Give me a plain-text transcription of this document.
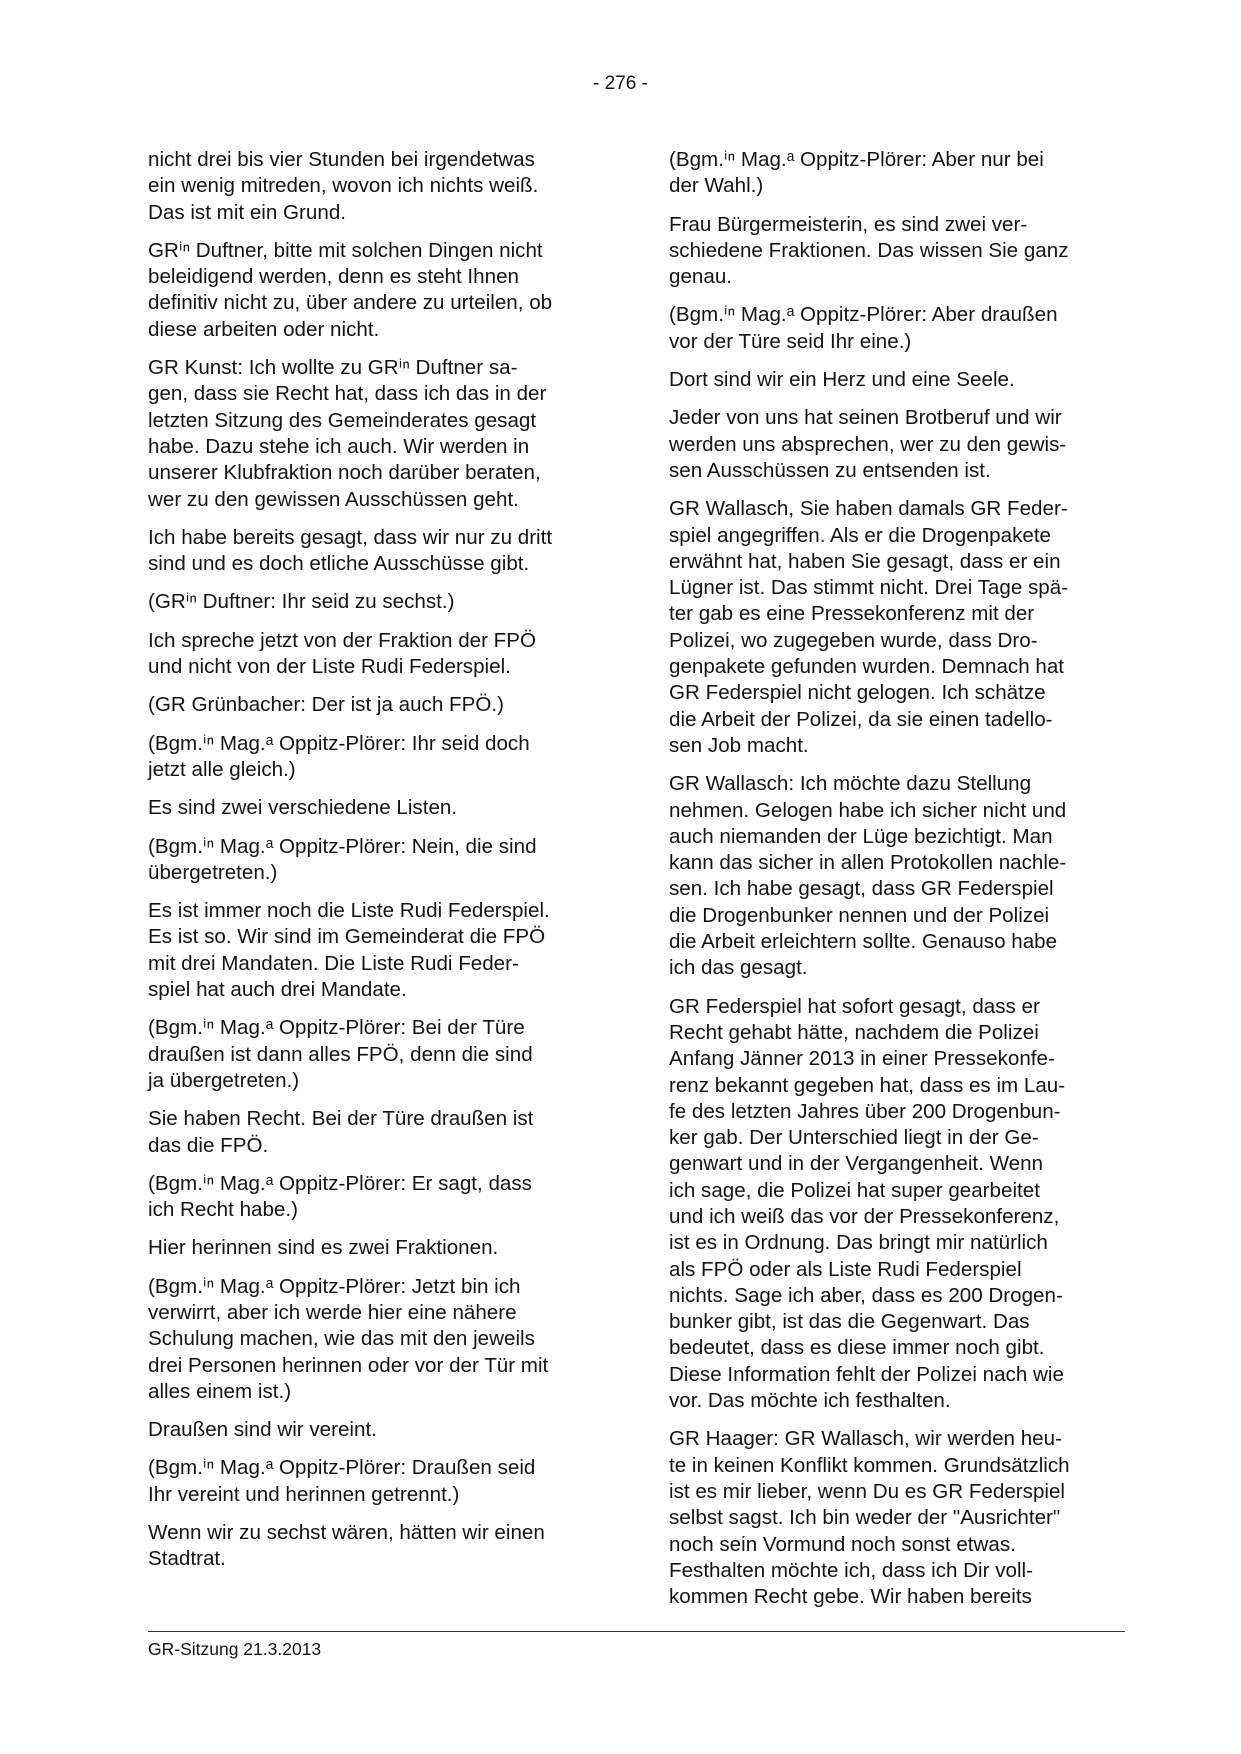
- 276 -

nicht drei bis vier Stunden bei irgendetwas
ein wenig mitreden, wovon ich nichts weiß.
Das ist mit ein Grund.

GRⁱⁿ Duftner, bitte mit solchen Dingen nicht
beleidigend werden, denn es steht Ihnen
definitiv nicht zu, über andere zu urteilen, ob
diese arbeiten oder nicht.

GR Kunst: Ich wollte zu GRⁱⁿ Duftner sa-
gen, dass sie Recht hat, dass ich das in der
letzten Sitzung des Gemeinderates gesagt
habe. Dazu stehe ich auch. Wir werden in
unserer Klubfraktion noch darüber beraten,
wer zu den gewissen Ausschüssen geht.

Ich habe bereits gesagt, dass wir nur zu dritt
sind und es doch etliche Ausschüsse gibt.

(GRⁱⁿ Duftner: Ihr seid zu sechst.)

Ich spreche jetzt von der Fraktion der FPÖ
und nicht von der Liste Rudi Federspiel.

(GR Grünbacher: Der ist ja auch FPÖ.)

(Bgm.ⁱⁿ Mag.ᵃ Oppitz-Plörer: Ihr seid doch
jetzt alle gleich.)

Es sind zwei verschiedene Listen.

(Bgm.ⁱⁿ Mag.ᵃ Oppitz-Plörer: Nein, die sind
übergetreten.)

Es ist immer noch die Liste Rudi Federspiel.
Es ist so. Wir sind im Gemeinderat die FPÖ
mit drei Mandaten. Die Liste Rudi Feder-
spiel hat auch drei Mandate.

(Bgm.ⁱⁿ Mag.ᵃ Oppitz-Plörer: Bei der Türe
draußen ist dann alles FPÖ, denn die sind
ja übergetreten.)

Sie haben Recht. Bei der Türe draußen ist
das die FPÖ.

(Bgm.ⁱⁿ Mag.ᵃ Oppitz-Plörer: Er sagt, dass
ich Recht habe.)

Hier herinnen sind es zwei Fraktionen.

(Bgm.ⁱⁿ Mag.ᵃ Oppitz-Plörer: Jetzt bin ich
verwirrt, aber ich werde hier eine nähere
Schulung machen, wie das mit den jeweils
drei Personen herinnen oder vor der Tür mit
alles einem ist.)

Draußen sind wir vereint.

(Bgm.ⁱⁿ Mag.ᵃ Oppitz-Plörer: Draußen seid
Ihr vereint und herinnen getrennt.)

Wenn wir zu sechst wären, hätten wir einen
Stadtrat.

(Bgm.ⁱⁿ Mag.ᵃ Oppitz-Plörer: Aber nur bei
der Wahl.)

Frau Bürgermeisterin, es sind zwei ver-
schiedene Fraktionen. Das wissen Sie ganz
genau.

(Bgm.ⁱⁿ Mag.ᵃ Oppitz-Plörer: Aber draußen
vor der Türe seid Ihr eine.)

Dort sind wir ein Herz und eine Seele.

Jeder von uns hat seinen Brotberuf und wir
werden uns absprechen, wer zu den gewis-
sen Ausschüssen zu entsenden ist.

GR Wallasch, Sie haben damals GR Feder-
spiel angegriffen. Als er die Drogenpakete
erwähnt hat, haben Sie gesagt, dass er ein
Lügner ist. Das stimmt nicht. Drei Tage spä-
ter gab es eine Pressekonferenz mit der
Polizei, wo zugegeben wurde, dass Dro-
genpakete gefunden wurden. Demnach hat
GR Federspiel nicht gelogen. Ich schätze
die Arbeit der Polizei, da sie einen tadello-
sen Job macht.

GR Wallasch: Ich möchte dazu Stellung
nehmen. Gelogen habe ich sicher nicht und
auch niemanden der Lüge bezichtigt. Man
kann das sicher in allen Protokollen nachle-
sen. Ich habe gesagt, dass GR Federspiel
die Drogenbunker nennen und der Polizei
die Arbeit erleichtern sollte. Genauso habe
ich das gesagt.

GR Federspiel hat sofort gesagt, dass er
Recht gehabt hätte, nachdem die Polizei
Anfang Jänner 2013 in einer Pressekonfe-
renz bekannt gegeben hat, dass es im Lau-
fe des letzten Jahres über 200 Drogenbun-
ker gab. Der Unterschied liegt in der Ge-
genwart und in der Vergangenheit. Wenn
ich sage, die Polizei hat super gearbeitet
und ich weiß das vor der Pressekonferenz,
ist es in Ordnung. Das bringt mir natürlich
als FPÖ oder als Liste Rudi Federspiel
nichts. Sage ich aber, dass es 200 Drogen-
bunker gibt, ist das die Gegenwart. Das
bedeutet, dass es diese immer noch gibt.
Diese Information fehlt der Polizei nach wie
vor. Das möchte ich festhalten.

GR Haager: GR Wallasch, wir werden heu-
te in keinen Konflikt kommen. Grundsätzlich
ist es mir lieber, wenn Du es GR Federspiel
selbst sagst. Ich bin weder der "Ausrichter"
noch sein Vormund noch sonst etwas.
Festhalten möchte ich, dass ich Dir voll-
kommen Recht gebe. Wir haben bereits

GR-Sitzung 21.3.2013
